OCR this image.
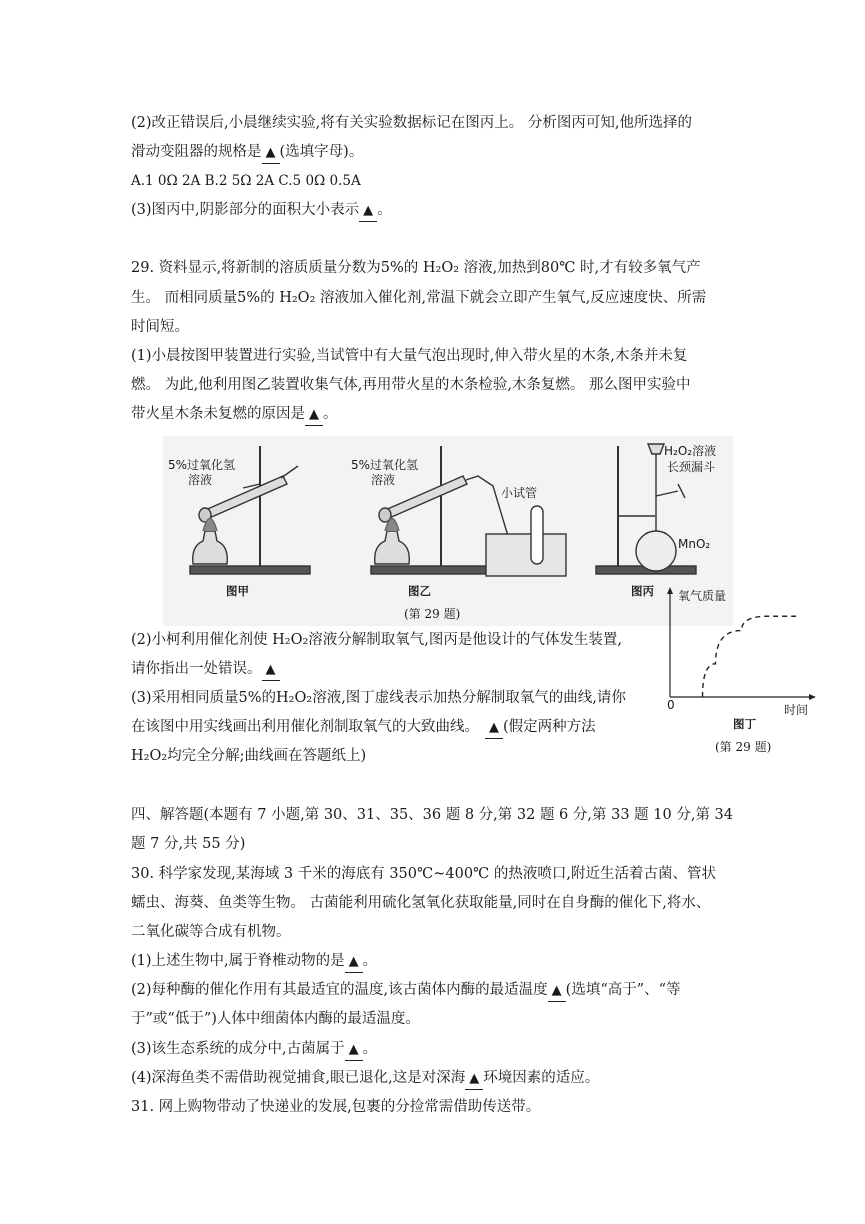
(2)改正错误后,小晨继续实验,将有关实验数据标记在图丙上。 分析图丙可知,他所选择的
滑动变阻器的规格是 ▲ (选填字母)。
A.1 0Ω 2A B.2 5Ω 2A C.5 0Ω 0.5A
(3)图丙中,阴影部分的面积大小表示 ▲ 。
29. 资料显示,将新制的溶质质量分数为5%的 H₂O₂ 溶液,加热到80℃ 时,才有较多氧气产
生。 而相同质量5%的 H₂O₂ 溶液加入催化剂,常温下就会立即产生氧气,反应速度快、所需
时间短。
(1)小晨按图甲装置进行实验,当试管中有大量气泡出现时,伸入带火星的木条,木条并未复
燃。 为此,他利用图乙装置收集气体,再用带火星的木条检验,木条复燃。 那么图甲实验中
带火星木条未复燃的原因是 ▲ 。
5%过氧化氢
溶液
5%过氧化氢
溶液
小试管
H₂O₂溶液
长颈漏斗
MnO₂
图甲	图乙	图丙
(第 29 题)
氧气质量
0	时间
图丁
(第 29 题)
(2)小柯利用催化剂使 H₂O₂溶液分解制取氧气,图丙是他设计的气体发生装置,
请你指出一处错误。 ▲
(3)采用相同质量5%的H₂O₂溶液,图丁虚线表示加热分解制取氧气的曲线,请你
在该图中用实线画出利用催化剂制取氧气的大致曲线。 ▲ (假定两种方法
H₂O₂均完全分解;曲线画在答题纸上)
四、解答题(本题有 7 小题,第 30、31、35、36 题 8 分,第 32 题 6 分,第 33 题 10 分,第 34
题 7 分,共 55 分)
30. 科学家发现,某海域 3 千米的海底有 350℃~400℃ 的热液喷口,附近生活着古菌、管状
蠕虫、海葵、鱼类等生物。 古菌能利用硫化氢氧化获取能量,同时在自身酶的催化下,将水、
二氧化碳等合成有机物。
(1)上述生物中,属于脊椎动物的是 ▲ 。
(2)每种酶的催化作用有其最适宜的温度,该古菌体内酶的最适温度 ▲ (选填“高于”、“等
于”或“低于”)人体中细菌体内酶的最适温度。
(3)该生态系统的成分中,古菌属于 ▲ 。
(4)深海鱼类不需借助视觉捕食,眼已退化,这是对深海 ▲ 环境因素的适应。
31. 网上购物带动了快递业的发展,包裹的分捡常需借助传送带。
